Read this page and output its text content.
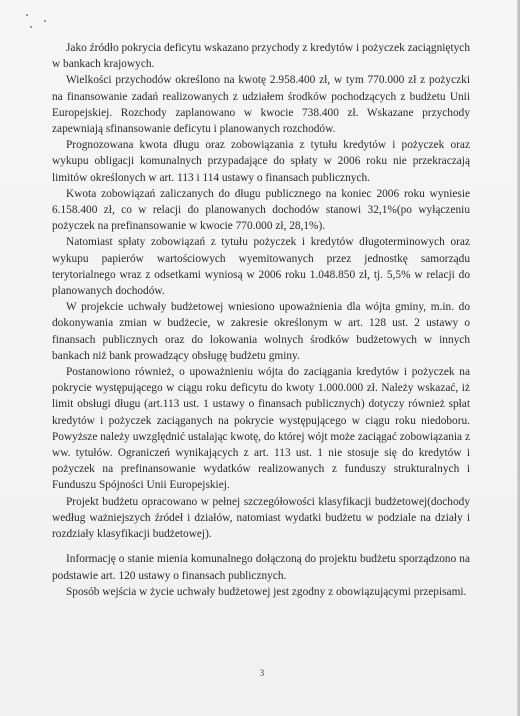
Jako źródło pokrycia deficytu wskazano przychody z kredytów i pożyczek zaciągniętych w bankach krajowych.

Wielkości przychodów określono na kwotę 2.958.400 zł, w tym 770.000 zł z pożyczki na finansowanie zadań realizowanych z udziałem środków pochodzących z budżetu Unii Europejskiej. Rozchody zaplanowano w kwocie 738.400 zł. Wskazane przychody zapewniają sfinansowanie deficytu i planowanych rozchodów.

Prognozowana kwota długu oraz zobowiązania z tytułu kredytów i pożyczek oraz wykupu obligacji komunalnych przypadające do spłaty w 2006 roku nie przekraczają limitów określonych w art. 113 i 114 ustawy o finansach publicznych.

Kwota zobowiązań zaliczanych do długu publicznego na koniec 2006 roku wyniesie 6.158.400 zł, co w relacji do planowanych dochodów stanowi 32,1%(po wyłączeniu pożyczek na prefinansowanie w kwocie 770.000 zł, 28,1%).

Natomiast spłaty zobowiązań z tytułu pożyczek i kredytów długoterminowych oraz wykupu papierów wartościowych wyemitowanych przez jednostkę samorządu terytorialnego wraz z odsetkami wyniosą w 2006 roku 1.048.850 zł, tj. 5,5% w relacji do planowanych dochodów.

W projekcie uchwały budżetowej wniesiono upoważnienia dla wójta gminy, m.in. do dokonywania zmian w budżecie, w zakresie określonym w art. 128 ust. 2 ustawy o finansach publicznych oraz do lokowania wolnych środków budżetowych w innych bankach niż bank prowadzący obsługę budżetu gminy.

Postanowiono również, o upoważnieniu wójta do zaciągania kredytów i pożyczek na pokrycie występującego w ciągu roku deficytu do kwoty 1.000.000 zł. Należy wskazać, iż limit obsługi długu (art.113 ust. 1 ustawy o finansach publicznych) dotyczy również spłat kredytów i pożyczek zaciąganych na pokrycie występującego w ciągu roku niedoboru. Powyższe należy uwzględnić ustalając kwotę, do której wójt może zaciągać zobowiązania z ww. tytułów. Ograniczeń wynikających z art. 113 ust. 1 nie stosuje się do kredytów i pożyczek na prefinansowanie wydatków realizowanych z funduszy strukturalnych i Funduszu Spójności Unii Europejskiej.

Projekt budżetu opracowano w pełnej szczegółowości klasyfikacji budżetowej(dochody według ważniejszych źródeł i działów, natomiast wydatki budżetu w podziale na działy i rozdziały klasyfikacji budżetowej).

Informację o stanie mienia komunalnego dołączoną do projektu budżetu sporządzono na podstawie art. 120 ustawy o finansach publicznych.

Sposób wejścia w życie uchwały budżetowej jest zgodny z obowiązującymi przepisami.

3
